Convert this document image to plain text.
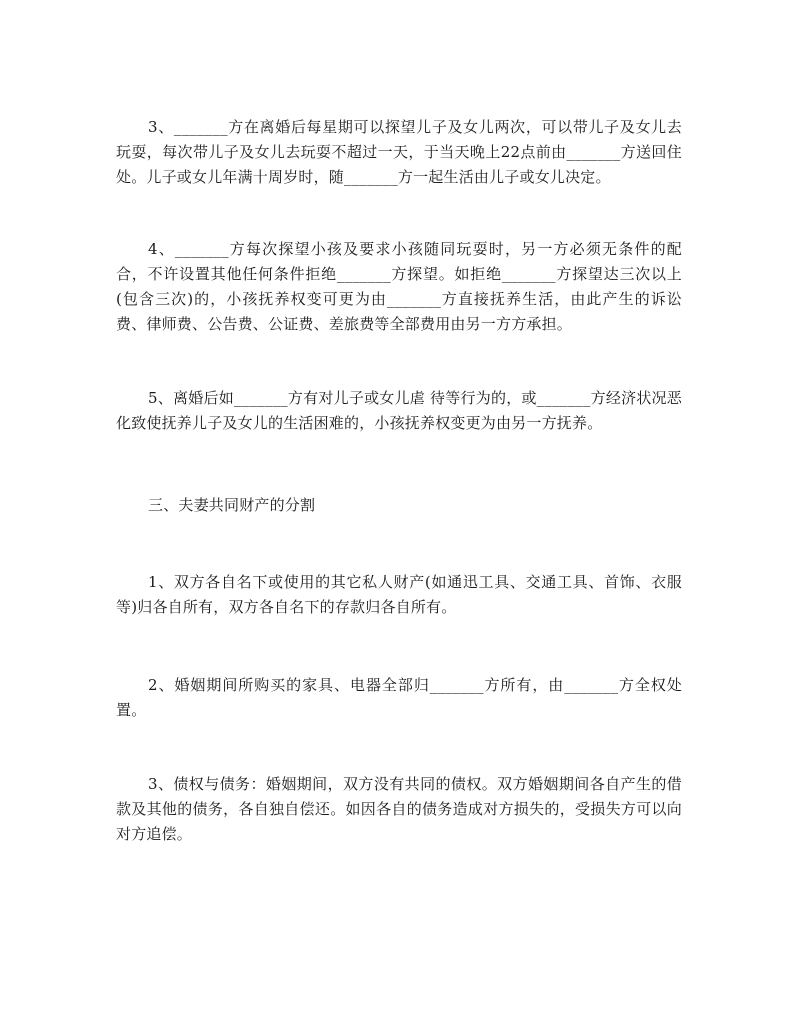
3、_______方在离婚后每星期可以探望儿子及女儿两次，可以带儿子及女儿去玩耍，每次带儿子及女儿去玩耍不超过一天，于当天晚上22点前由_______方送回住处。儿子或女儿年满十周岁时，随_______方一起生活由儿子或女儿决定。

4、_______方每次探望小孩及要求小孩随同玩耍时，另一方必须无条件的配合，不许设置其他任何条件拒绝_______方探望。如拒绝_______方探望达三次以上(包含三次)的，小孩抚养权变可更为由_______方直接抚养生活，由此产生的诉讼费、律师费、公告费、公证费、差旅费等全部费用由另一方方承担。

5、离婚后如_______方有对儿子或女儿虐 待等行为的，或_______方经济状况恶化致使抚养儿子及女儿的生活困难的，小孩抚养权变更为由另一方抚养。

三、夫妻共同财产的分割

1、双方各自名下或使用的其它私人财产(如通迅工具、交通工具、首饰、衣服等)归各自所有，双方各自名下的存款归各自所有。

2、婚姻期间所购买的家具、电器全部归_______方所有，由_______方全权处置。

3、债权与债务：婚姻期间，双方没有共同的债权。双方婚姻期间各自产生的借款及其他的债务，各自独自偿还。如因各自的债务造成对方损失的，受损失方可以向对方追偿。
